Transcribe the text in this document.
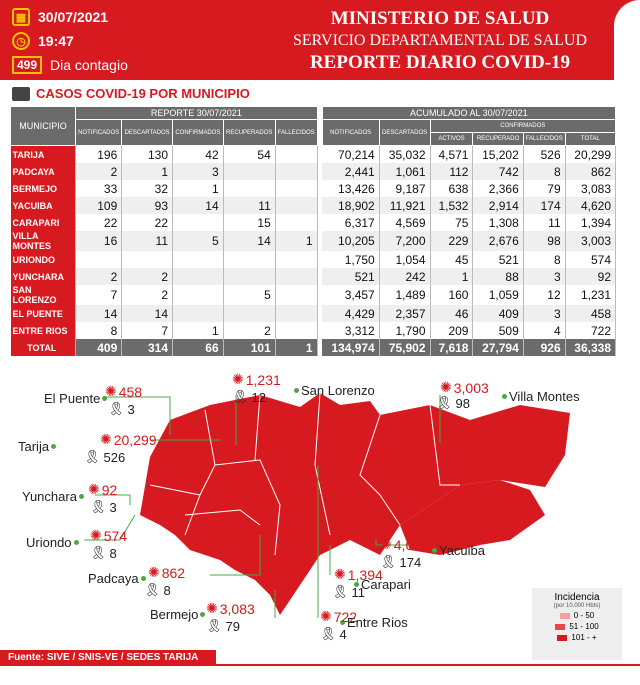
▦ 30/07/2021
◷ 19:47
499 Dia contagio
MINISTERIO DE SALUD
SERVICIO DEPARTAMENTAL DE SALUD
REPORTE DIARIO COVID-19
CASOS COVID-19 POR MUNICIPIO
MUNICIPIO	REPORTE 30/07/2021						ACUMULADO AL 30/07/2021					
	NOTIFICADOS	DESCARTADOS	CONFIRMADOS	RECUPERADOS	FALLECIDOS		NOTIFICADOS	DESCARTADOS	CONFIRMADOS			
									ACTIVOS	RECUPERADO	FALLECIDOS	TOTAL
TARIJA	196	130	42	54			70,214	35,032	4,571	15,202	526	20,299
PADCAYA	2	1	3				2,441	1,061	112	742	8	862
BERMEJO	33	32	1				13,426	9,187	638	2,366	79	3,083
YACUIBA	109	93	14	11			18,902	11,921	1,532	2,914	174	4,620
CARAPARI	22	22		15			6,317	4,569	75	1,308	11	1,394
VILLA MONTES	16	11	5	14	1		10,205	7,200	229	2,676	98	3,003
URIONDO							1,750	1,054	45	521	8	574
YUNCHARA	2	2					521	242	1	88	3	92
SAN LORENZO	7	2		5			3,457	1,489	160	1,059	12	1,231
EL PUENTE	14	14					4,429	2,357	46	409	3	458
ENTRE RIOS	8	7	1	2			3,312	1,790	209	509	4	722
TOTAL	409	314	66	101	1		134,974	75,902	7,618	27,794	926	36,338
El Puente ✺ 458
🎗 3
San Lorenzo
✺ 1,231
🎗 12	Villa Montes
✺ 3,003
🎗 98
Tarija	✺ 20,299
🎗 526
Yunchara ✺ 92
🎗 3
Uriondo ✺ 574
🎗 8	Yacuiba
✺ 4,620
🎗 174
Padcaya ✺ 862
🎗 8	Carapari
✺ 1,394
🎗 11
Bermejo ✺ 3,083
🎗 79	Entre Rios
✺ 722
🎗 4
Incidencia
(por 10.000 Hbts)
0 - 50
51 - 100
101 - +
Fuente: SIVE / SNIS-VE / SEDES TARIJA
